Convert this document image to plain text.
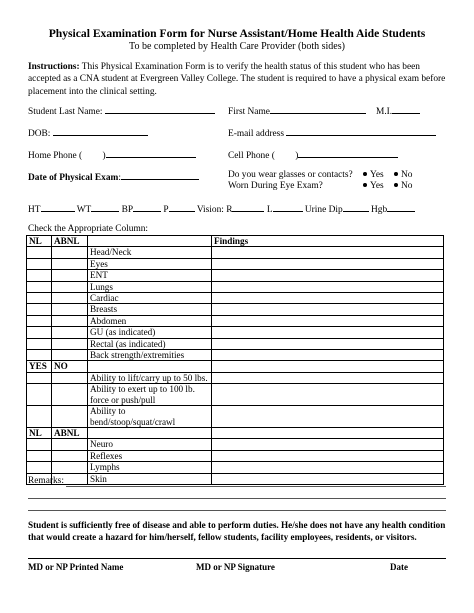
Physical Examination Form for Nurse Assistant/Home Health Aide Students
To be completed by Health Care Provider (both sides)
Instructions: This Physical Examination Form is to verify the health status of this student who has been accepted as a CNA student at Evergreen Valley College. The student is required to have a physical exam before placement into the clinical setting.
Student Last Name:	First Name	M.I.
DOB:	E-mail address
Home Phone ( )	Cell Phone ( )
Date of Physical Exam:	Do you wear glasses or contacts?	Yes	No
Worn During Eye Exam?	Yes	No
HT	WT	BP	P	Vision: R	L	Urine Dip	Hgb
Check the Appropriate Column:
NL	ABNL		Findings
		Head/Neck	
		Eyes	
		ENT	
		Lungs	
		Cardiac	
		Breasts	
		Abdomen	
		GU (as indicated)	
		Rectal (as indicated)	
		Back strength/extremities	
YES	NO		
		Ability to lift/carry up to 50 lbs.	
		Ability to exert up to 100 lb. force or push/pull	
		Ability to bend/stoop/squat/crawl	
NL	ABNL		
		Neuro	
		Reflexes	
		Lymphs	
		Skin	
Remarks:
Student is sufficiently free of disease and able to perform duties. He/she does not have any health condition that would create a hazard for him/herself, fellow students, facility employees, residents, or visitors.
MD or NP Printed Name	MD or NP Signature	Date
